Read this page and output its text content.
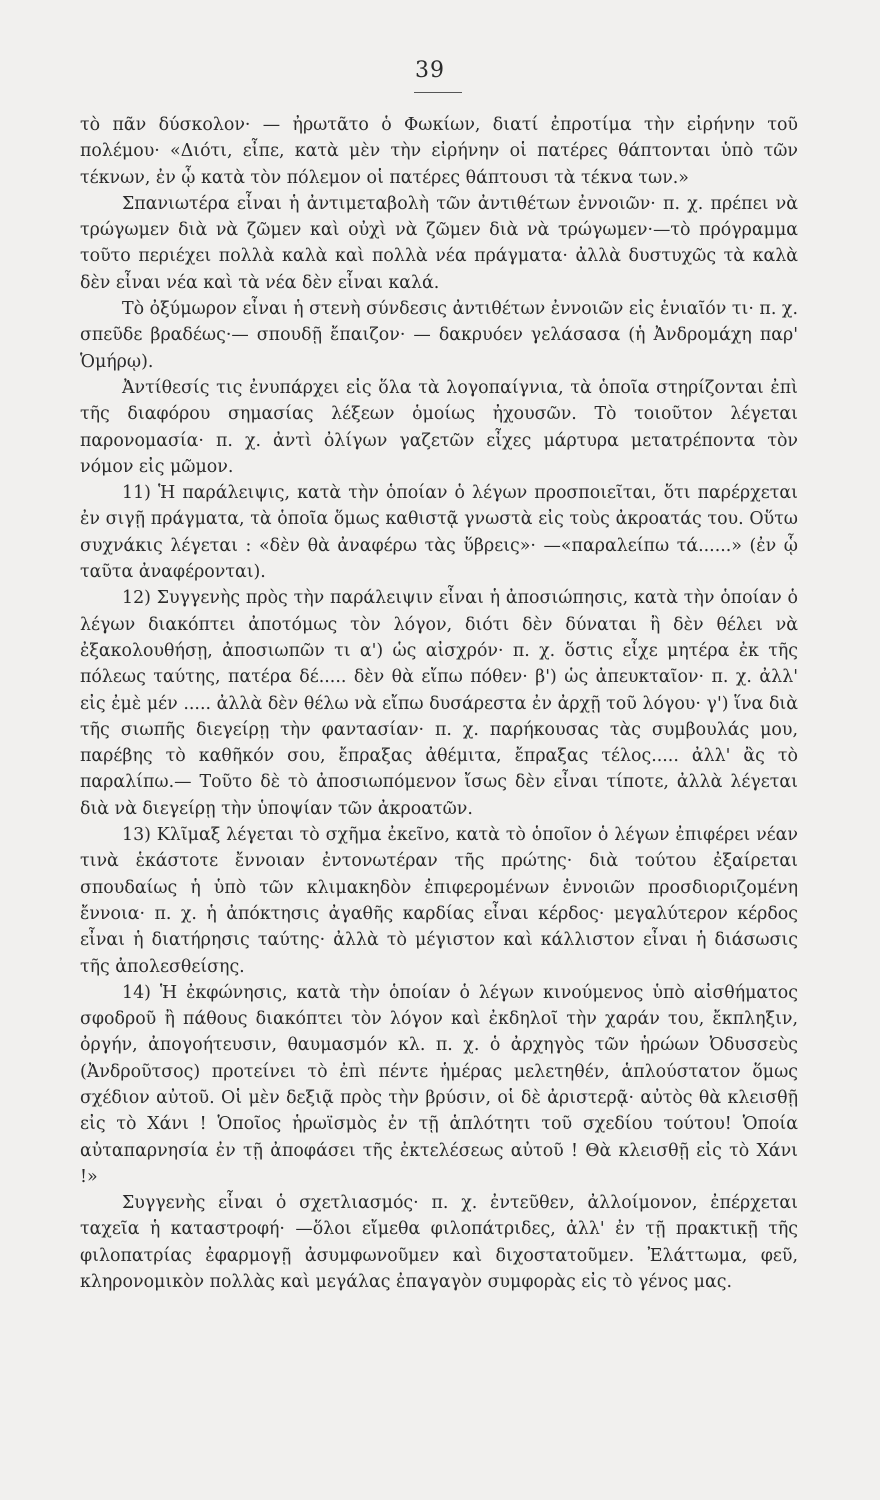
39

τὸ πᾶν δύσκολον· — ἠρωτᾶτο ὁ Φωκίων, διατί ἐπροτίμα τὴν εἰρήνην τοῦ πολέμου· «Διότι, εἶπε, κατὰ μὲν τὴν εἰρήνην οἱ πατέρες θάπτονται ὑπὸ τῶν τέκνων, ἐν ᾧ κατὰ τὸν πόλεμον οἱ πατέρες θάπτουσι τὰ τέκνα των.»

Σπανιωτέρα εἶναι ἡ ἀντιμεταβολὴ τῶν ἀντιθέτων ἐννοιῶν· π. χ. πρέπει νὰ τρώγωμεν διὰ νὰ ζῶμεν καὶ οὐχὶ νὰ ζῶμεν διὰ νὰ τρώγωμεν·—τὸ πρόγραμμα τοῦτο περιέχει πολλὰ καλὰ καὶ πολλὰ νέα πράγματα· ἀλλὰ δυστυχῶς τὰ καλὰ δὲν εἶναι νέα καὶ τὰ νέα δὲν εἶναι καλά.

Τὸ ὀξύμωρον εἶναι ἡ στενὴ σύνδεσις ἀντιθέτων ἐννοιῶν εἰς ἑνιαῖόν τι· π. χ. σπεῦδε βραδέως·— σπουδῇ ἔπαιζον· — δακρυόεν γελάσασα (ἡ Ἀνδρομάχη παρ' Ὁμήρῳ).

Ἀντίθεσίς τις ἐνυπάρχει εἰς ὅλα τὰ λογοπαίγνια, τὰ ὁποῖα στηρίζονται ἐπὶ τῆς διαφόρου σημασίας λέξεων ὁμοίως ἠχουσῶν. Τὸ τοιοῦτον λέγεται παρονομασία· π. χ. ἀντὶ ὀλίγων γαζετῶν εἶχες μάρτυρα μετατρέποντα τὸν νόμον εἰς μῶμον.

11) Ἡ παράλειψις, κατὰ τὴν ὁποίαν ὁ λέγων προσποιεῖται, ὅτι παρέρχεται ἐν σιγῇ πράγματα, τὰ ὁποῖα ὅμως καθιστᾷ γνωστὰ εἰς τοὺς ἀκροατάς του. Οὕτω συχνάκις λέγεται : «δὲν θὰ ἀναφέρω τὰς ὕβρεις»· —«παραλείπω τά......» (ἐν ᾧ ταῦτα ἀναφέρονται).

12) Συγγενὴς πρὸς τὴν παράλειψιν εἶναι ἡ ἀποσιώπησις, κατὰ τὴν ὁποίαν ὁ λέγων διακόπτει ἀποτόμως τὸν λόγον, διότι δὲν δύναται ἢ δὲν θέλει νὰ ἐξακολουθήσῃ, ἀποσιωπῶν τι α') ὡς αἰσχρόν· π. χ. ὅστις εἶχε μητέρα ἐκ τῆς πόλεως ταύτης, πατέρα δέ..... δὲν θὰ εἴπω πόθεν· β') ὡς ἀπευκταῖον· π. χ. ἀλλ' εἰς ἐμὲ μέν ..... ἀλλὰ δὲν θέλω νὰ εἴπω δυσάρεστα ἐν ἀρχῇ τοῦ λόγου· γ') ἵνα διὰ τῆς σιωπῆς διεγείρῃ τὴν φαντασίαν· π. χ. παρήκουσας τὰς συμβουλάς μου, παρέβης τὸ καθῆκόν σου, ἔπραξας ἀθέμιτα, ἔπραξας τέλος..... ἀλλ' ἂς τὸ παραλίπω.— Τοῦτο δὲ τὸ ἀποσιωπόμενον ἴσως δὲν εἶναι τίποτε, ἀλλὰ λέγεται διὰ νὰ διεγείρῃ τὴν ὑποψίαν τῶν ἀκροατῶν.

13) Κλῖμαξ λέγεται τὸ σχῆμα ἐκεῖνο, κατὰ τὸ ὁποῖον ὁ λέγων ἐπιφέρει νέαν τινὰ ἑκάστοτε ἔννοιαν ἐντονωτέραν τῆς πρώτης· διὰ τούτου ἐξαίρεται σπουδαίως ἡ ὑπὸ τῶν κλιμακηδὸν ἐπιφερομένων ἐννοιῶν προσδιοριζομένη ἔννοια· π. χ. ἡ ἀπόκτησις ἀγαθῆς καρδίας εἶναι κέρδος· μεγαλύτερον κέρδος εἶναι ἡ διατήρησις ταύτης· ἀλλὰ τὸ μέγιστον καὶ κάλλιστον εἶναι ἡ διάσωσις τῆς ἀπολεσθείσης.

14) Ἡ ἐκφώνησις, κατὰ τὴν ὁποίαν ὁ λέγων κινούμενος ὑπὸ αἰσθήματος σφοδροῦ ἢ πάθους διακόπτει τὸν λόγον καὶ ἐκδηλοῖ τὴν χαράν του, ἔκπληξιν, ὀργήν, ἀπογοήτευσιν, θαυμασμόν κλ. π. χ. ὁ ἀρχηγὸς τῶν ἡρώων Ὀδυσσεὺς (Ἀνδροῦτσος) προτείνει τὸ ἐπὶ πέντε ἡμέρας μελετηθέν, ἁπλούστατον ὅμως σχέδιον αὐτοῦ. Οἱ μὲν δεξιᾷ πρὸς τὴν βρύσιν, οἱ δὲ ἀριστερᾷ· αὐτὸς θὰ κλεισθῇ εἰς τὸ Χάνι ! Ὁποῖος ἡρωϊσμὸς ἐν τῇ ἁπλότητι τοῦ σχεδίου τούτου! Ὁποία αὐταπαρνησία ἐν τῇ ἀποφάσει τῆς ἐκτελέσεως αὐτοῦ ! Θὰ κλεισθῇ εἰς τὸ Χάνι !»

Συγγενὴς εἶναι ὁ σχετλιασμός· π. χ. ἐντεῦθεν, ἀλλοίμονον, ἐπέρχεται ταχεῖα ἡ καταστροφή· —ὅλοι εἴμεθα φιλοπάτριδες, ἀλλ' ἐν τῇ πρακτικῇ τῆς φιλοπατρίας ἐφαρμογῇ ἀσυμφωνοῦμεν καὶ διχοστατοῦμεν. Ἐλάττωμα, φεῦ, κληρονομικὸν πολλὰς καὶ μεγάλας ἐπαγαγὸν συμφορὰς εἰς τὸ γένος μας.
